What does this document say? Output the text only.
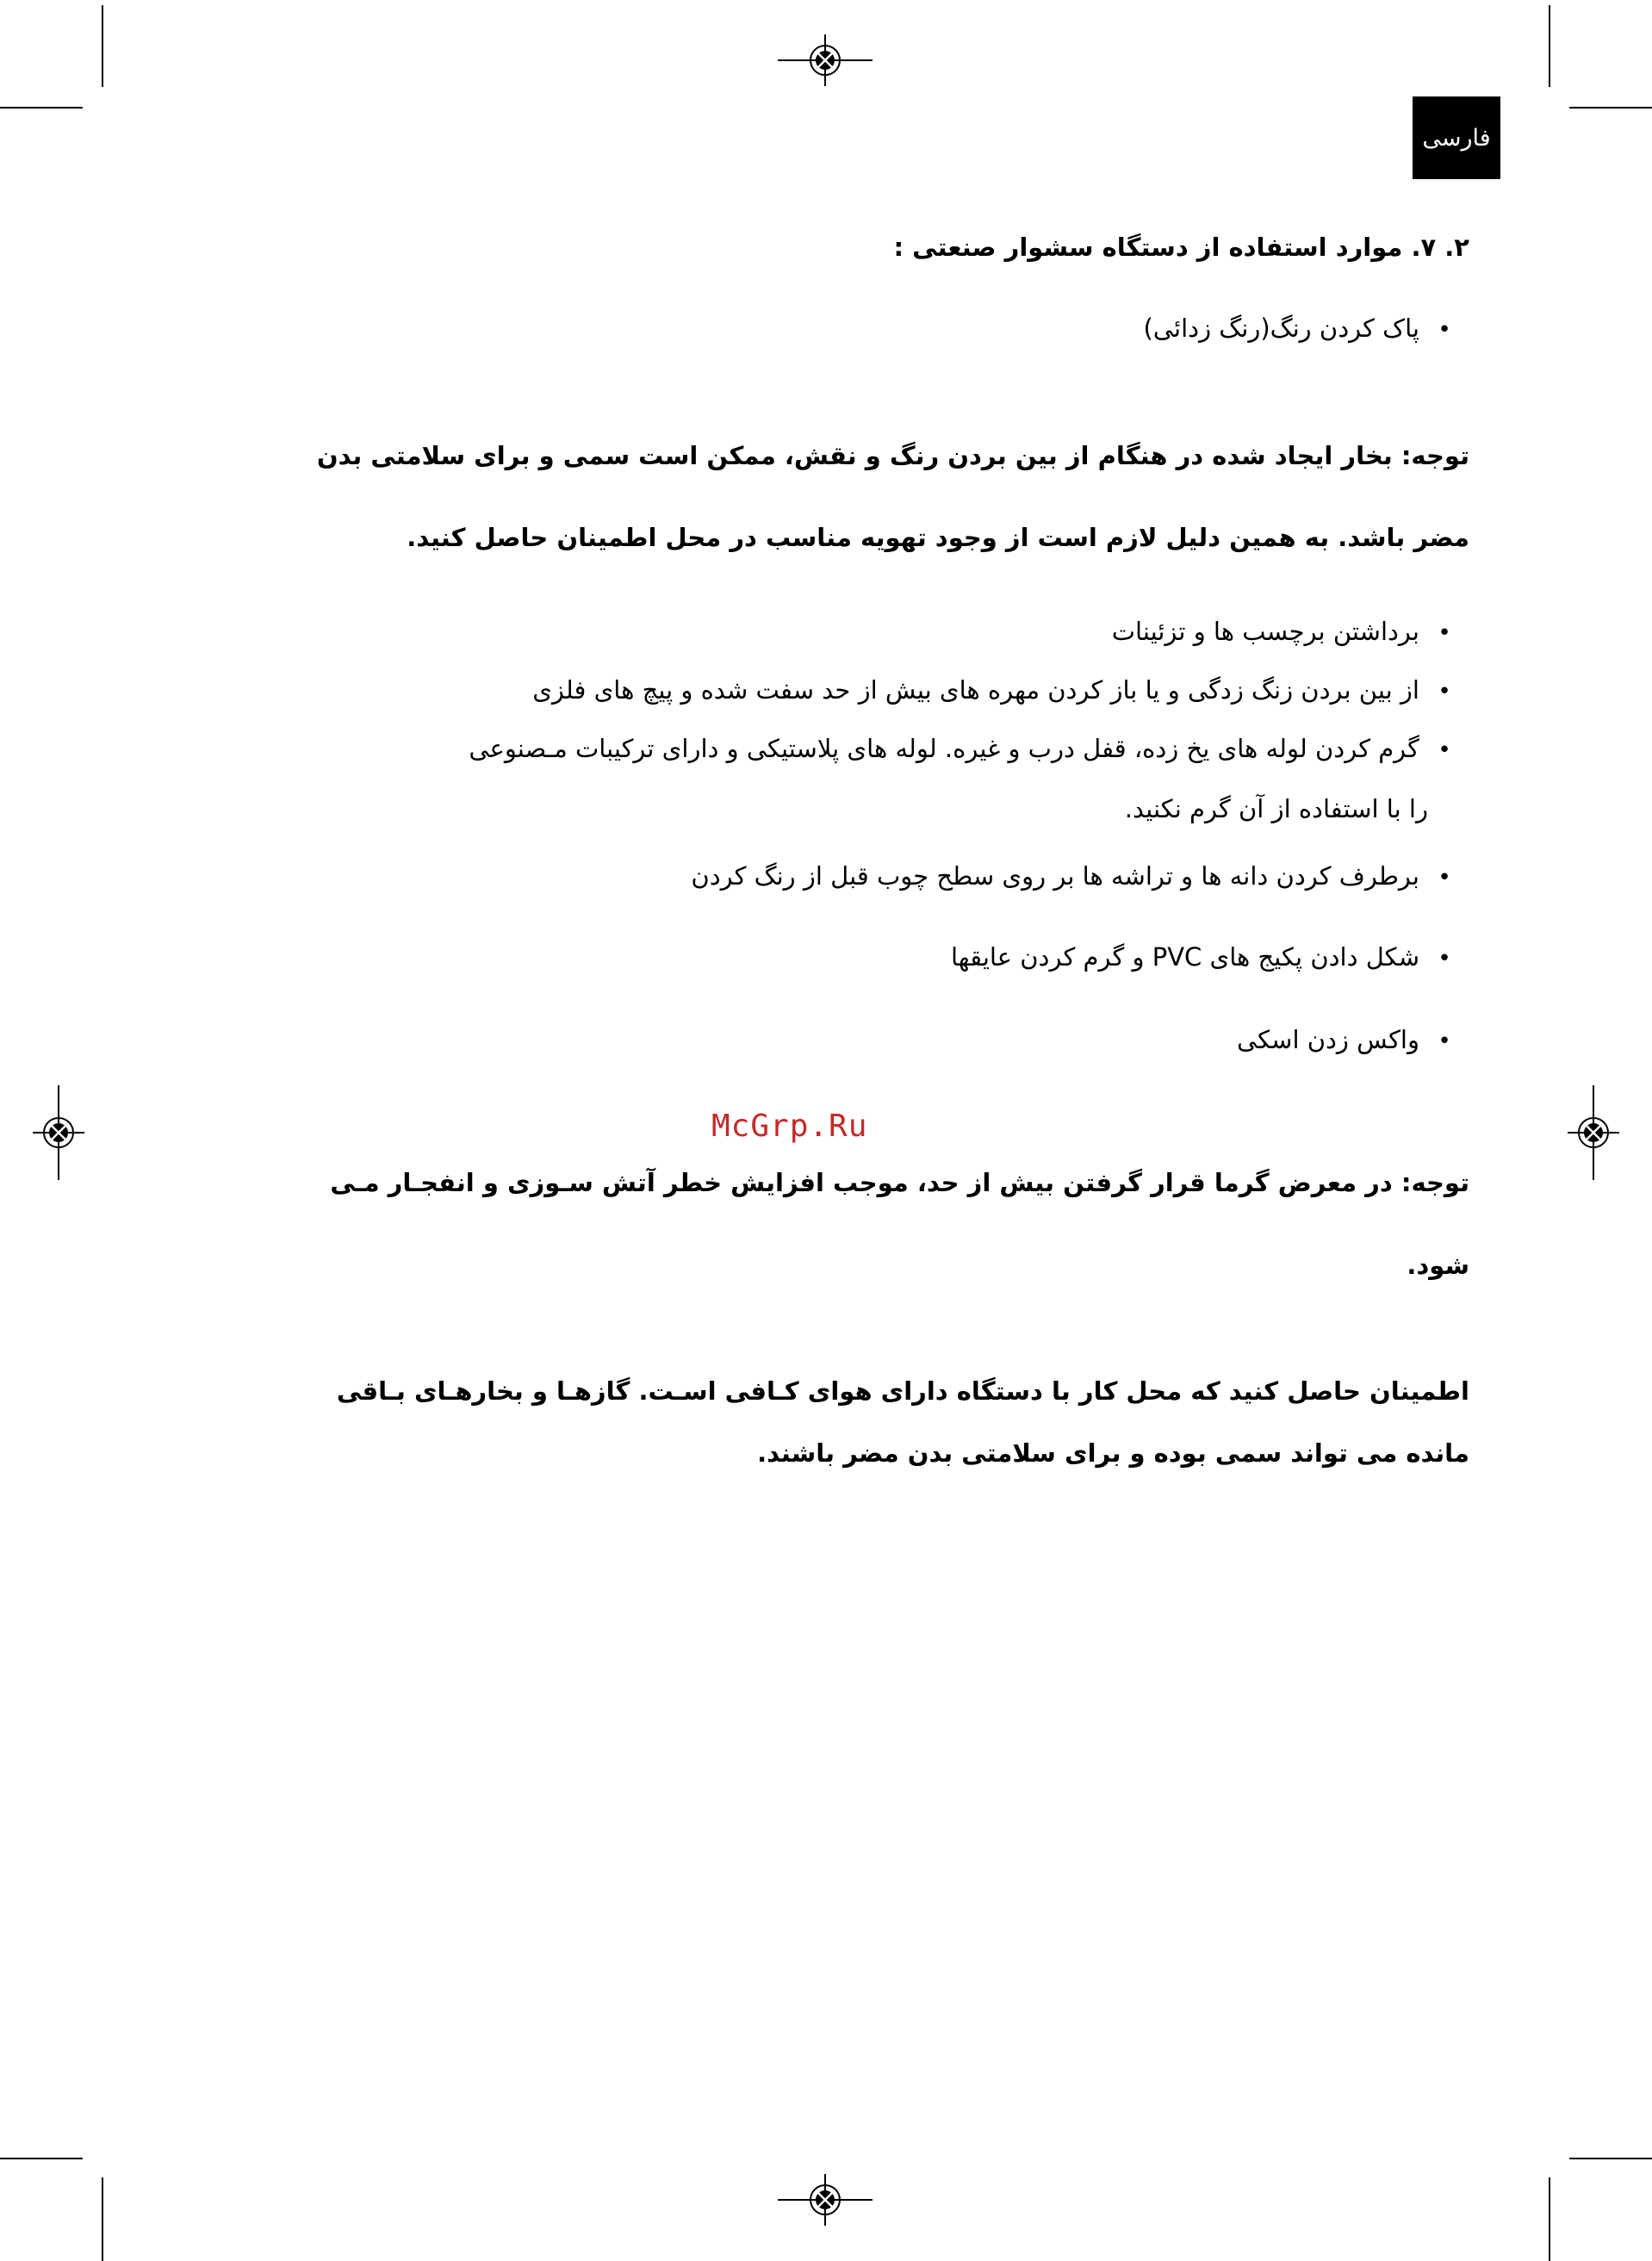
فارسی
۲. ۷. موارد استفاده از دستگاه سشوار صنعتی :
•پاک کردن رنگ(رنگ زدائی)
توجه: بخار ایجاد شده در هنگام از بین بردن رنگ و نقش، ممکن است سمی و برای سلامتی بدن
مضر باشد. به همین دلیل لازم است از وجود تهویه مناسب در محل اطمینان حاصل کنید.
•برداشتن برچسب ها و تزئینات
•از بین بردن زنگ زدگی و یا باز کردن مهره های بیش از حد سفت شده و پیچ های فلزی
•گرم کردن لوله های یخ زده، قفل درب و غیره. لوله های پلاستیکی و دارای ترکیبات مـصنوعی
را با استفاده از آن گرم نکنید.
•برطرف کردن دانه ها و تراشه ها بر روی سطح چوب قبل از رنگ کردن
•شکل دادن پکیج های PVC و گرم کردن عایقها
•واکس زدن اسکی
McGrp.Ru
توجه: در معرض گرما قرار گرفتن بیش از حد، موجب افزایش خطر آتش سـوزی و انفجـار مـی
شود.
اطمینان حاصل کنید که محل کار با دستگاه دارای هوای کـافی اسـت. گازهـا و بخارهـای بـاقی
مانده می تواند سمی بوده و برای سلامتی بدن مضر باشند.
